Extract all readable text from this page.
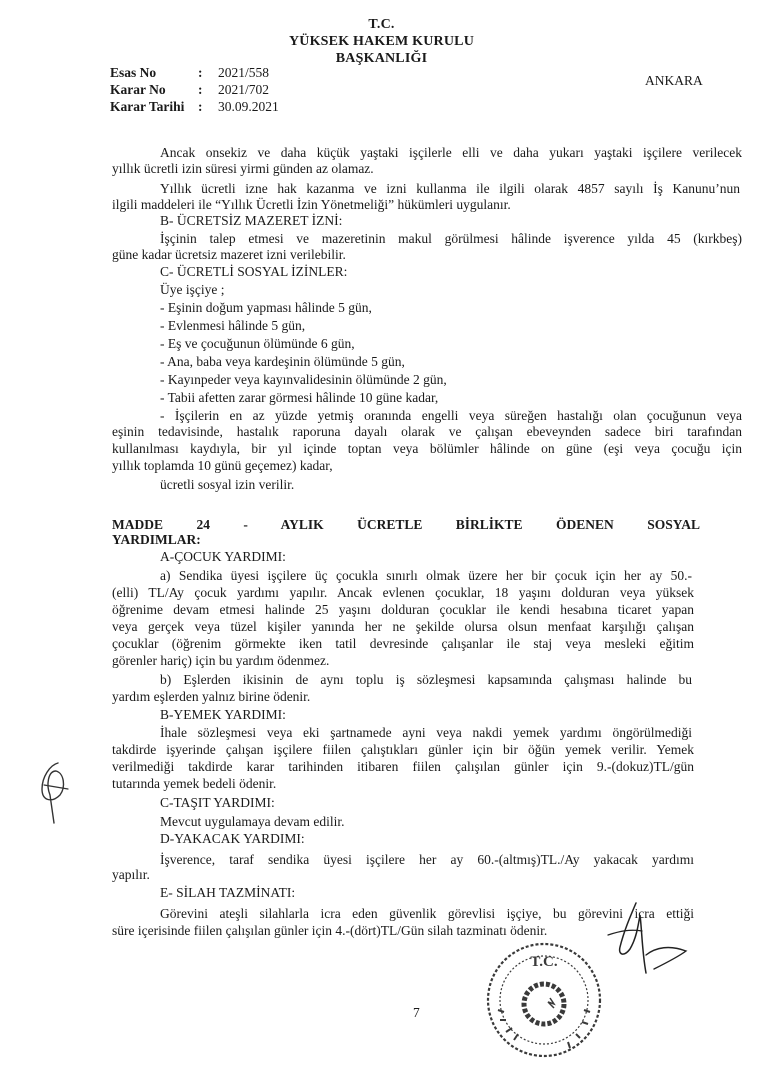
T.C.
YÜKSEK HAKEM KURULU
BAŞKANLIĞI
Esas No	: 2021/558
Karar No : 2021/702
Karar Tarihi : 30.09.2021
ANKARA
Ancak onsekiz ve daha küçük yaştaki işçilerle elli ve daha yukarı yaştaki işçilere verilecek
yıllık ücretli izin süresi yirmi günden az olamaz.
Yıllık ücretli izne hak kazanma ve izni kullanma ile ilgili olarak 4857 sayılı İş Kanunu’nun
ilgili maddeleri ile “Yıllık Ücretli İzin Yönetmeliği” hükümleri uygulanır.
B- ÜCRETSİZ MAZERET İZNİ:
İşçinin talep etmesi ve mazeretinin makul görülmesi hâlinde işverence yılda 45 (kırkbeş)
güne kadar ücretsiz mazeret izni verilebilir.
C- ÜCRETLİ SOSYAL İZİNLER:
Üye işçiye ;
- Eşinin doğum yapması hâlinde 5 gün,
- Evlenmesi hâlinde 5 gün,
- Eş ve çocuğunun ölümünde 6 gün,
- Ana, baba veya kardeşinin ölümünde 5 gün,
- Kayınpeder veya kayınvalidesinin ölümünde 2 gün,
- Tabii afetten zarar görmesi hâlinde 10 güne kadar,
- İşçilerin en az yüzde yetmiş oranında engelli veya süreğen hastalığı olan çocuğunun veya
eşinin tedavisinde, hastalık raporuna dayalı olarak ve çalışan ebeveynden sadece biri tarafından
kullanılması kaydıyla, bir yıl içinde toptan veya bölümler hâlinde on güne (eşi veya çocuğu için
yıllık toplamda 10 günü geçemez) kadar,
ücretli sosyal izin verilir.
MADDE 24 - AYLIK ÜCRETLE BİRLİKTE ÖDENEN SOSYAL
YARDIMLAR:
A-ÇOCUK YARDIMI:
a) Sendika üyesi işçilere üç çocukla sınırlı olmak üzere her bir çocuk için her ay 50.-
(elli) TL/Ay çocuk yardımı yapılır. Ancak evlenen çocuklar, 18 yaşını dolduran veya yüksek
öğrenime devam etmesi halinde 25 yaşını dolduran çocuklar ile kendi hesabına ticaret yapan
veya gerçek veya tüzel kişiler yanında her ne şekilde olursa olsun menfaat karşılığı çalışan
çocuklar (öğrenim görmekte iken tatil devresinde çalışanlar ile staj veya mesleki eğitim
görenler hariç) için bu yardım ödenmez.
b) Eşlerden ikisinin de aynı toplu iş sözleşmesi kapsamında çalışması halinde bu
yardım eşlerden yalnız birine ödenir.
B-YEMEK YARDIMI:
İhale sözleşmesi veya eki şartnamede ayni veya nakdi yemek yardımı öngörülmediği
takdirde işyerinde çalışan işçilere fiilen çalıştıkları günler için bir öğün yemek verilir. Yemek
verilmediği takdirde karar tarihinden itibaren fiilen çalışılan günler için 9.-(dokuz)TL/gün
tutarında yemek bedeli ödenir.
C-TAŞIT YARDIMI:
Mevcut uygulamaya devam edilir.
D-YAKACAK YARDIMI:
İşverence, taraf sendika üyesi işçilere her ay 60.-(altmış)TL./Ay yakacak yardımı
yapılır.
E- SİLAH TAZMİNATI:
Görevini ateşli silahlarla icra eden güvenlik görevlisi işçiye, bu görevini icra ettiği
süre içerisinde fiilen çalışılan günler için 4.-(dört)TL/Gün silah tazminatı ödenir.
T.C.
7
